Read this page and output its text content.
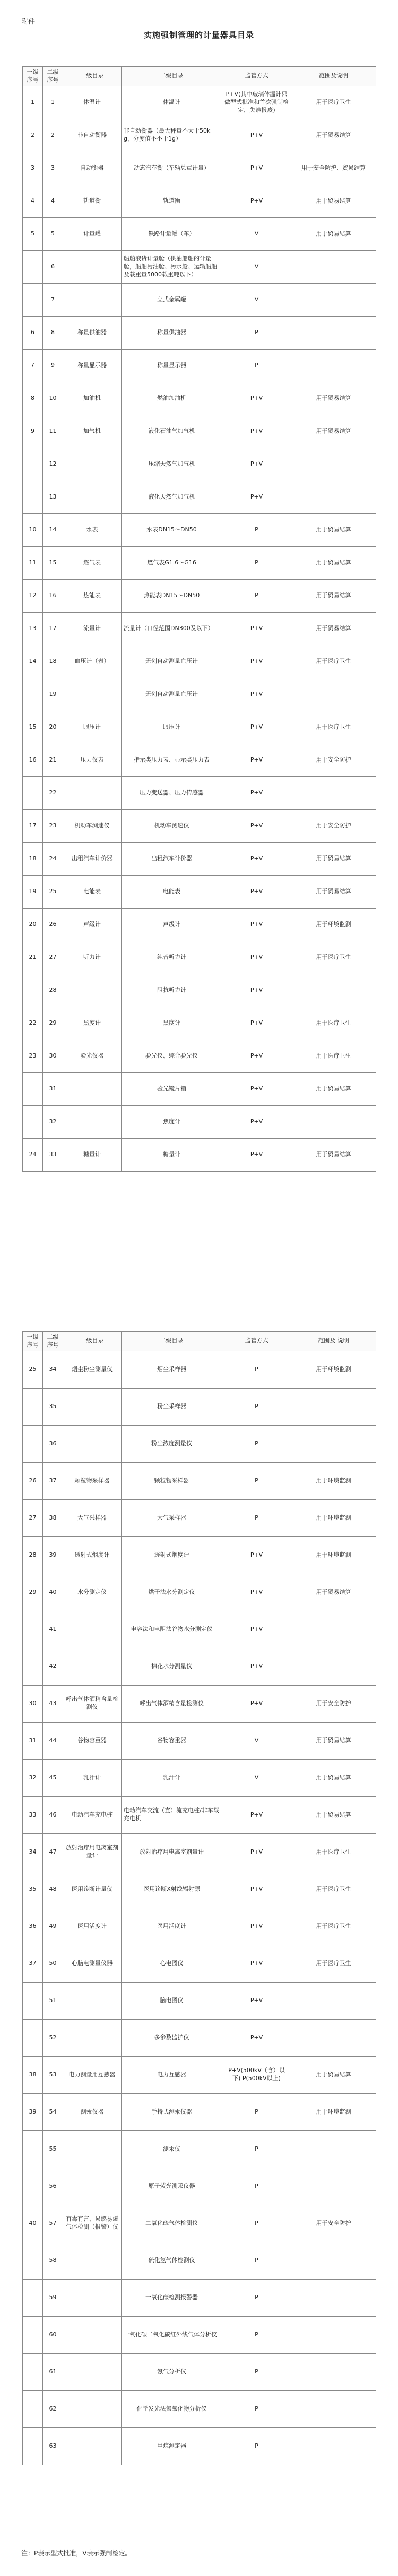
附件
实施强制管理的计量器具目录
一级序号	二级序号	一级目录	二级目录	监管方式	范围及说明
1	1	体温计	体温计	P+V(其中玻璃体温计只做型式批准和首次强制检定，失准报废)	用于医疗卫生
2	2	非自动衡器	非自动衡器（最大秤量不大于50kg，分度值不小于1g）	P+V	用于贸易结算
3	3	自动衡器	动态汽车衡（车辆总重计量）	P+V	用于安全防护、贸易结算
4	4	轨道衡	轨道衡	P+V	用于贸易结算
5	5	计量罐	铁路计量罐（车）	V	用于贸易结算
	6		船舶液货计量舱（供油船舶的计量舱，船舶污油舱、污水舱、运输船舶及载重量5000载重吨以下）	V	
	7		立式金属罐	V	
6	8	称量供油器	称量供油器	P	
7	9	称量显示器	称量显示器	P	
8	10	加油机	燃油加油机	P+V	用于贸易结算
9	11	加气机	液化石油气加气机	P+V	用于贸易结算
	12		压缩天然气加气机	P+V	
	13		液化天然气加气机	P+V	
10	14	水表	水表DN15～DN50	P	用于贸易结算
11	15	燃气表	燃气表G1.6～G16	P	用于贸易结算
12	16	热能表	热能表DN15～DN50	P	用于贸易结算
13	17	流量计	流量计（口径范围DN300及以下）	P+V	用于贸易结算
14	18	血压计（表）	无创自动测量血压计	P+V	用于医疗卫生
	19		无创自动测量血压计	P+V	
15	20	眼压计	眼压计	P+V	用于医疗卫生
16	21	压力仪表	指示类压力表、显示类压力表	P+V	用于安全防护
	22		压力变送器、压力传感器	P+V	
17	23	机动车测速仪	机动车测速仪	P+V	用于安全防护
18	24	出租汽车计价器	出租汽车计价器	P+V	用于贸易结算
19	25	电能表	电能表	P+V	用于贸易结算
20	26	声级计	声级计	P+V	用于环境监测
21	27	听力计	纯音听力计	P+V	用于医疗卫生
	28		阻抗听力计	P+V	
22	29	黑度计	黑度计	P+V	用于医疗卫生
23	30	验光仪器	验光仪、综合验光仪	P+V	用于医疗卫生
	31		验光镜片箱	P+V	用于贸易结算
	32		焦度计	P+V	
24	33	糖量计	糖量计	P+V	用于贸易结算
一级序号	二级序号	一级目录	二级目录	监管方式	范围及 说明
25	34	烟尘粉尘测量仪	烟尘采样器	P	用于环境监测
	35		粉尘采样器	P	
	36		粉尘浓度测量仪	P	
26	37	颗粒物采样器	颗粒物采样器	P	用于环境监测
27	38	大气采样器	大气采样器	P	用于环境监测
28	39	透射式烟度计	透射式烟度计	P+V	用于环境监测
29	40	水分测定仪	烘干法水分测定仪	P+V	用于贸易结算
	41		电容法和电阻法谷物水分测定仪	P+V	
	42		棉花水分测量仪	P+V	
30	43	呼出气体酒精含量检测仪	呼出气体酒精含量检测仪	P+V	用于安全防护
31	44	谷物容重器	谷物容重器	V	用于贸易结算
32	45	乳汁计	乳汁计	V	用于贸易结算
33	46	电动汽车充电桩	电动汽车交流（直）流充电桩/非车载充电机	P+V	用于贸易结算
34	47	放射治疗用电离室剂量计	放射治疗用电离室剂量计	P+V	用于医疗卫生
35	48	医用诊断计量仪	医用诊断X射线辐射源	P+V	用于医疗卫生
36	49	医用活度计	医用活度计	P+V	用于医疗卫生
37	50	心脑电测量仪器	心电图仪	P+V	用于医疗卫生
	51		脑电图仪	P+V	
	52		多参数监护仪	P+V	
38	53	电力测量用互感器	电力互感器	P+V(500kV（含）以下) P(500kV以上)	用于贸易结算
39	54	测汞仪器	手持式测汞仪器	P	用于环境监测
	55		测汞仪	P	
	56		原子荧光测汞仪器	P	
40	57	有毒有害、易燃易爆气体检测（报警）仪	二氧化硫气体检测仪	P	用于安全防护
	58		硫化氢气体检测仪	P	
	59		一氧化碳检测报警器	P	
	60		一氧化碳二氧化碳红外线气体分析仪	P	
	61		氨气分析仪	P	
	62		化学发光法氮氧化物分析仪	P	
	63		甲烷测定器	P	
注：P表示型式批准，V表示强制检定。
